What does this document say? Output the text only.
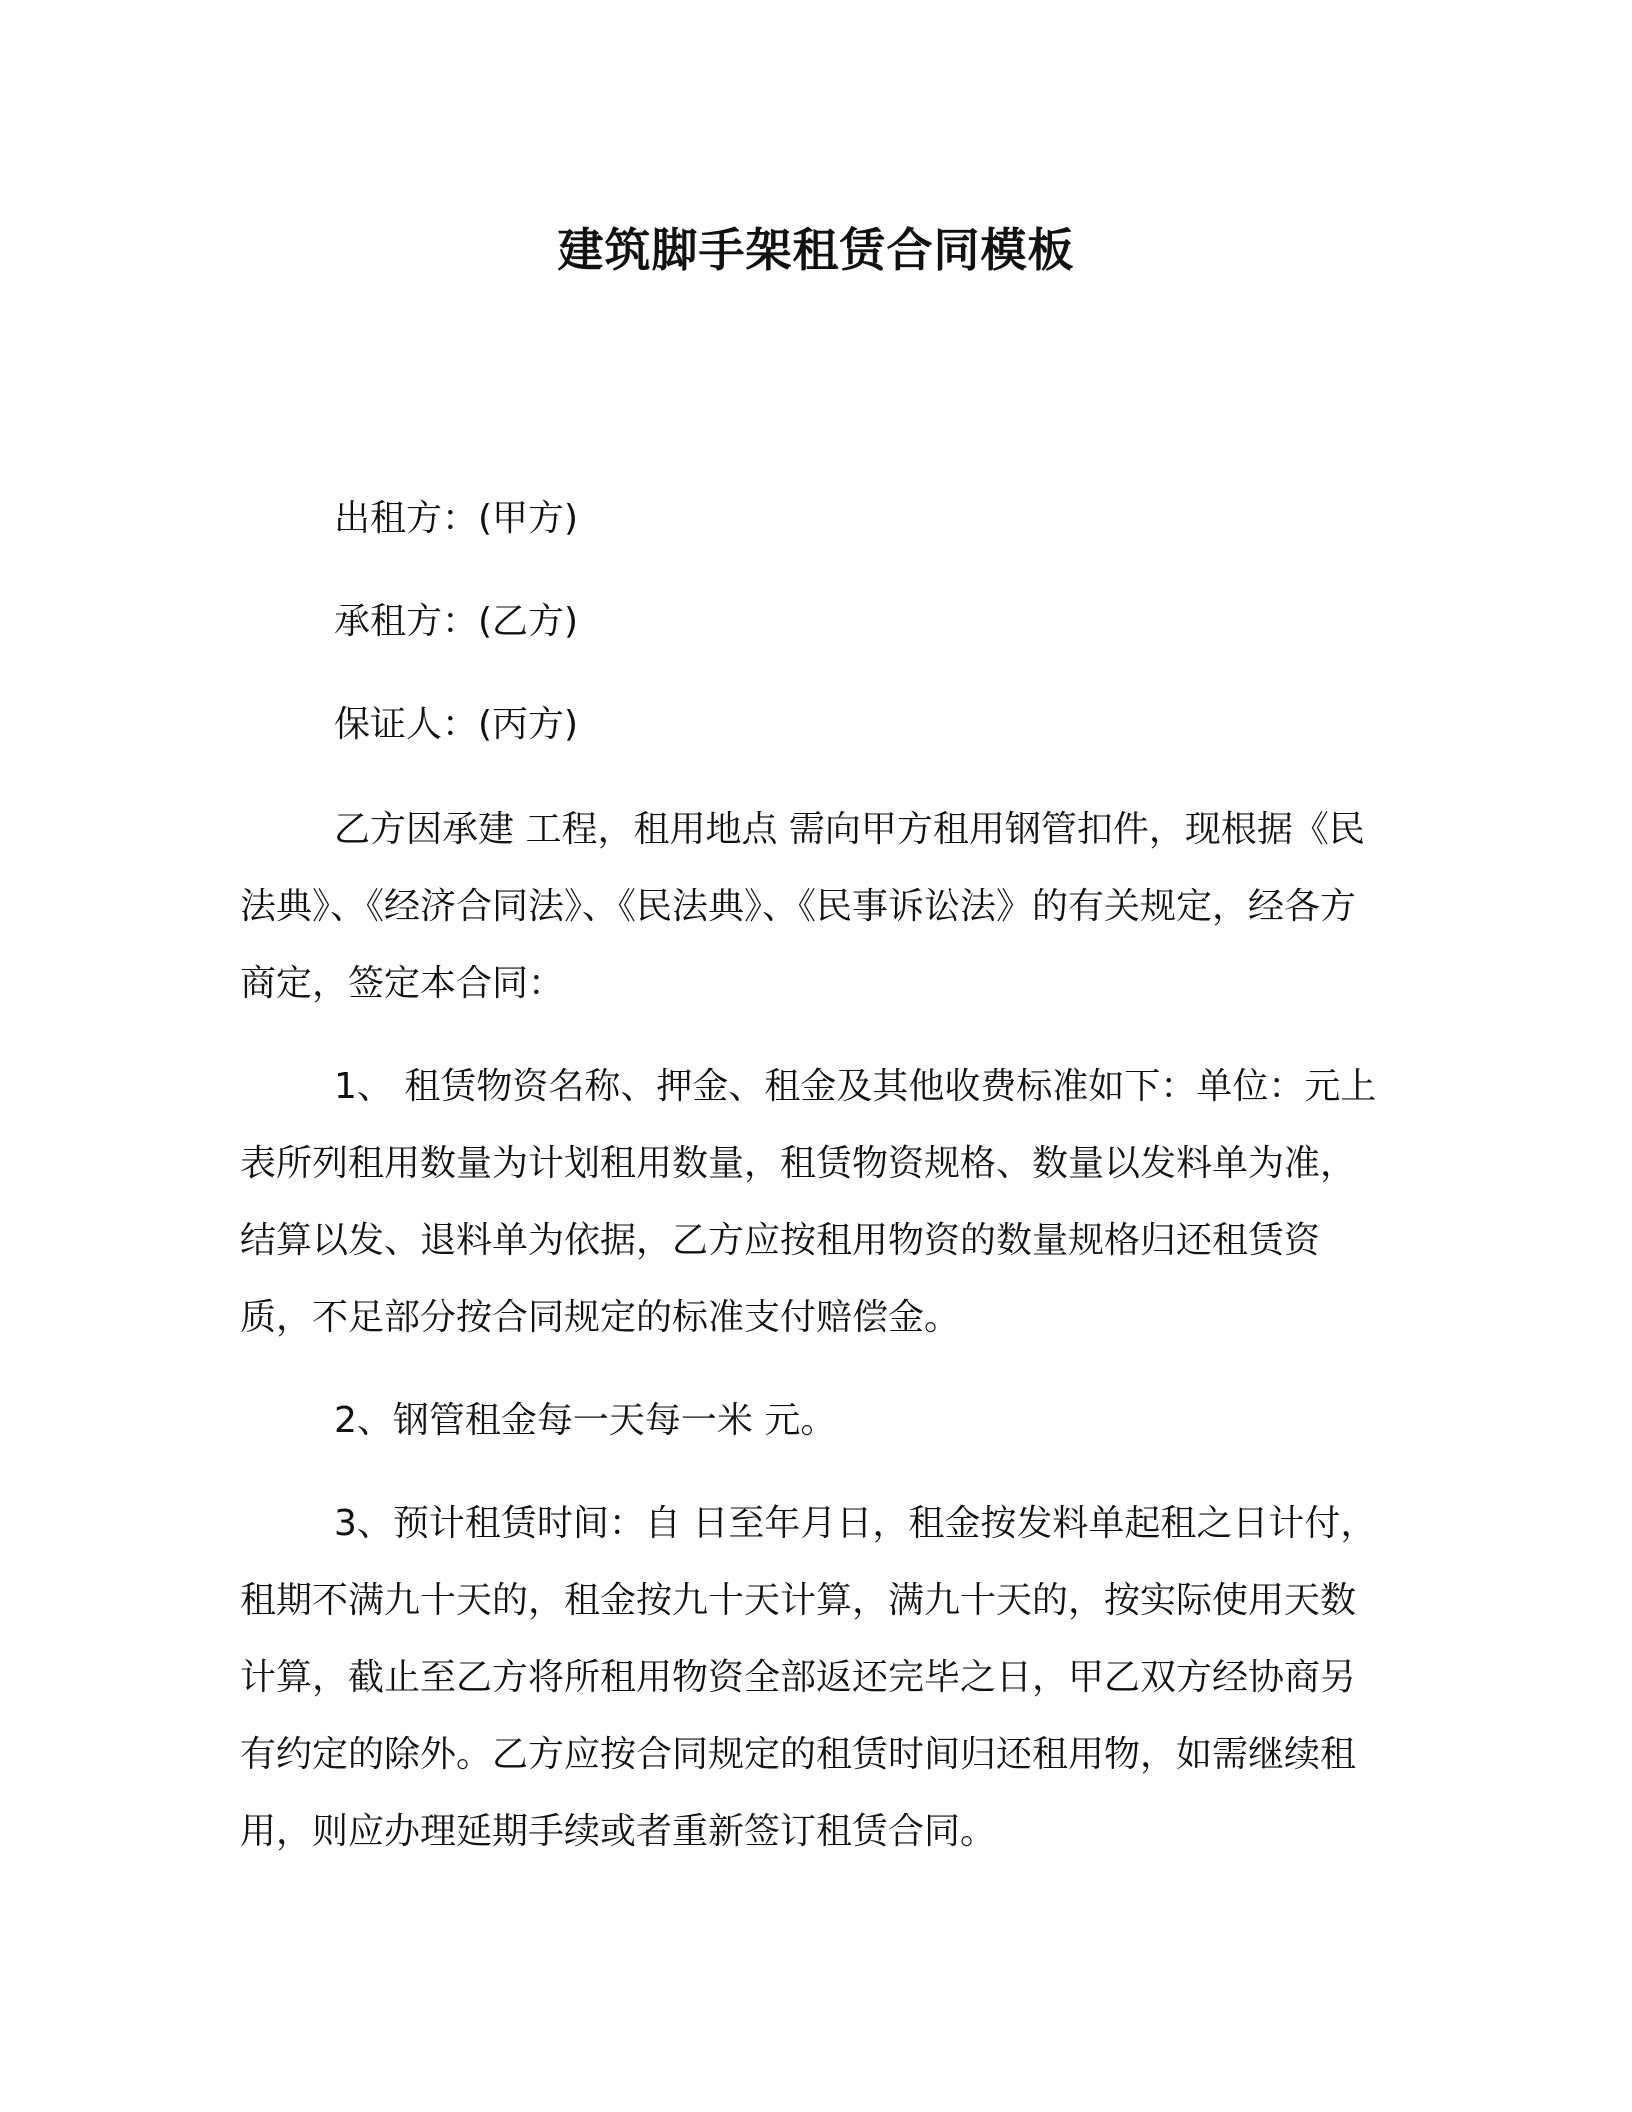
建筑脚手架租赁合同模板
出租方：(甲方)
承租方：(乙方)
保证人：(丙方)

乙方因承建 工程，租用地点 需向甲方租用钢管扣件，现根据《民法典》、《经济合同法》、《民法典》、《民事诉讼法》的有关规定，经各方商定，签定本合同：

1、 租赁物资名称、押金、租金及其他收费标准如下：单位：元上表所列租用数量为计划租用数量，租赁物资规格、数量以发料单为准，结算以发、退料单为依据，乙方应按租用物资的数量规格归还租赁资质，不足部分按合同规定的标准支付赔偿金。

2、钢管租金每一天每一米 元。

3、预计租赁时间：自 日至年月日，租金按发料单起租之日计付，租期不满九十天的，租金按九十天计算，满九十天的，按实际使用天数计算，截止至乙方将所租用物资全部返还完毕之日，甲乙双方经协商另有约定的除外。乙方应按合同规定的租赁时间归还租用物，如需继续租用，则应办理延期手续或者重新签订租赁合同。
